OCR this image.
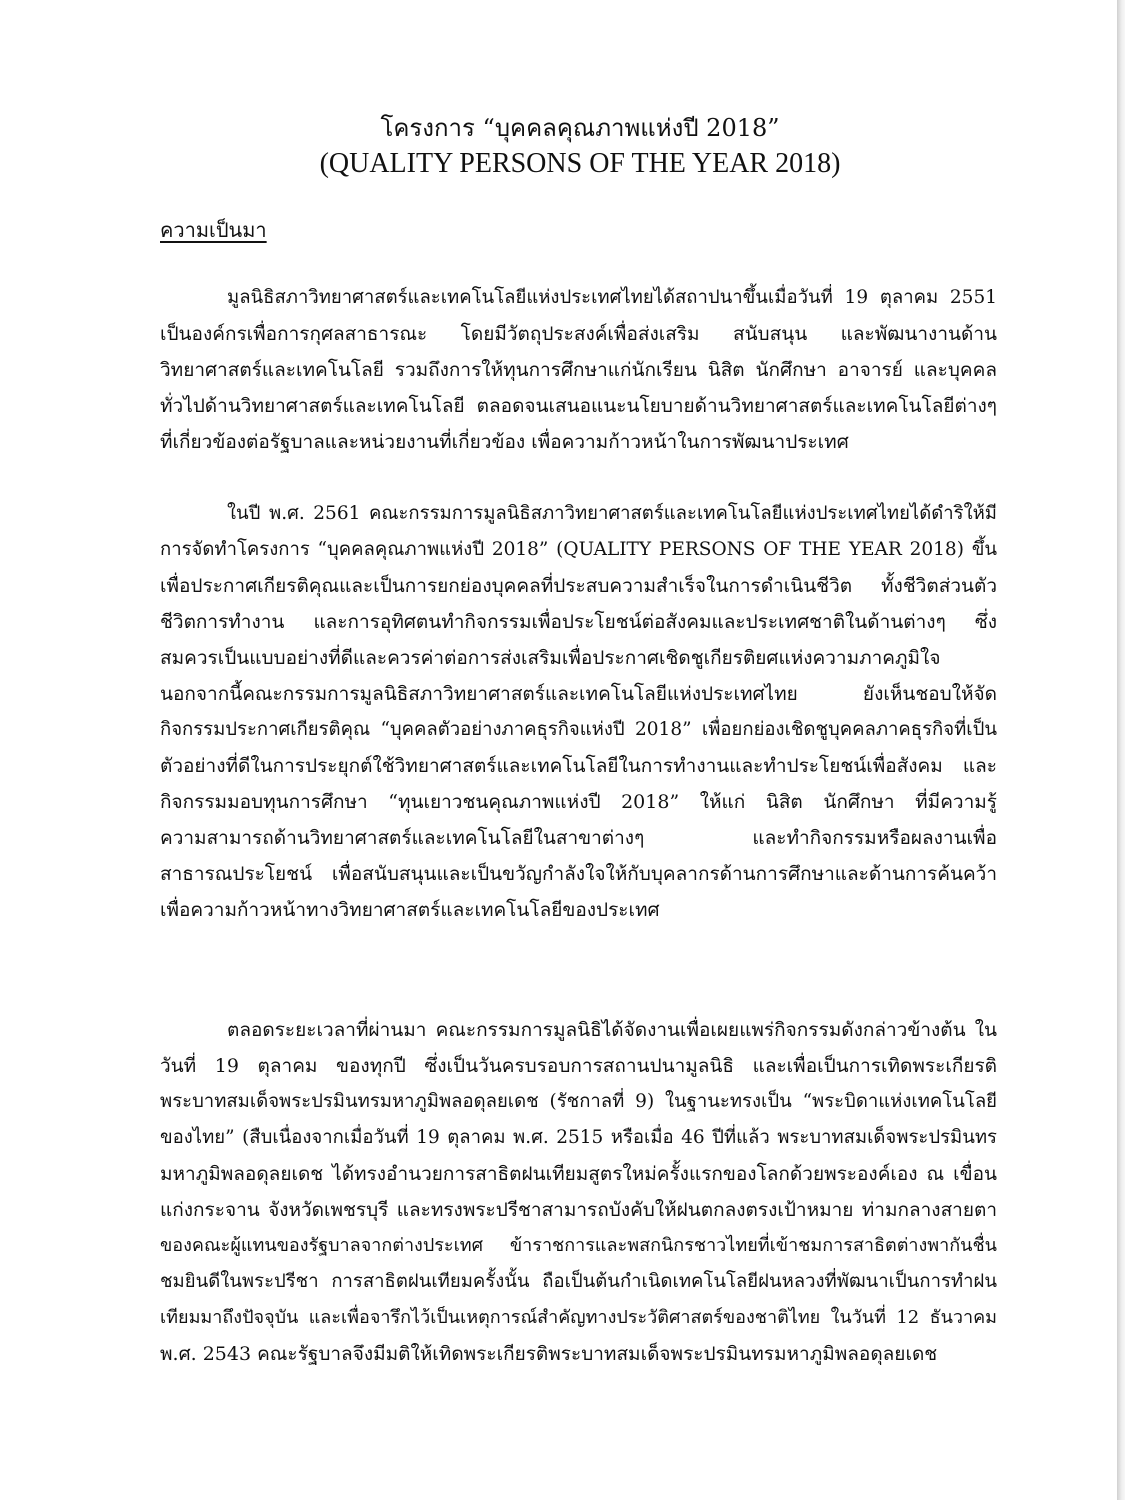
โครงการ “บุคคลคุณภาพแห่งปี 2018”
(QUALITY PERSONS OF THE YEAR 2018)
ความเป็นมา
มูลนิธิสภาวิทยาศาสตร์และเทคโนโลยีแห่งประเทศไทยได้สถาปนาขึ้นเมื่อวันที่ 19 ตุลาคม 2551
เป็นองค์กรเพื่อการกุศลสาธารณะ โดยมีวัตถุประสงค์เพื่อส่งเสริม สนับสนุน และพัฒนางานด้าน
วิทยาศาสตร์และเทคโนโลยี รวมถึงการให้ทุนการศึกษาแก่นักเรียน นิสิต นักศึกษา อาจารย์ และบุคคล
ทั่วไปด้านวิทยาศาสตร์และเทคโนโลยี ตลอดจนเสนอแนะนโยบายด้านวิทยาศาสตร์และเทคโนโลยีต่างๆ
ที่เกี่ยวข้องต่อรัฐบาลและหน่วยงานที่เกี่ยวข้อง เพื่อความก้าวหน้าในการพัฒนาประเทศ
ในปี พ.ศ. 2561 คณะกรรมการมูลนิธิสภาวิทยาศาสตร์และเทคโนโลยีแห่งประเทศไทยได้ดำริให้มี
การจัดทำโครงการ “บุคคลคุณภาพแห่งปี 2018” (QUALITY PERSONS OF THE YEAR 2018) ขึ้น
เพื่อประกาศเกียรติคุณและเป็นการยกย่องบุคคลที่ประสบความสำเร็จในการดำเนินชีวิต ทั้งชีวิตส่วนตัว
ชีวิตการทำงาน และการอุทิศตนทำกิจกรรมเพื่อประโยชน์ต่อสังคมและประเทศชาติในด้านต่างๆ ซึ่ง
สมควรเป็นแบบอย่างที่ดีและควรค่าต่อการส่งเสริมเพื่อประกาศเชิดชูเกียรติยศแห่งความภาคภูมิใจ
นอกจากนี้คณะกรรมการมูลนิธิสภาวิทยาศาสตร์และเทคโนโลยีแห่งประเทศไทย ยังเห็นชอบให้จัด
กิจกรรมประกาศเกียรติคุณ “บุคคลตัวอย่างภาคธุรกิจแห่งปี 2018” เพื่อยกย่องเชิดชูบุคคลภาคธุรกิจที่เป็น
ตัวอย่างที่ดีในการประยุกต์ใช้วิทยาศาสตร์และเทคโนโลยีในการทำงานและทำประโยชน์เพื่อสังคม และ
กิจกรรมมอบทุนการศึกษา “ทุนเยาวชนคุณภาพแห่งปี 2018” ให้แก่ นิสิต นักศึกษา ที่มีความรู้
ความสามารถด้านวิทยาศาสตร์และเทคโนโลยีในสาขาต่างๆ และทำกิจกรรมหรือผลงานเพื่อ
สาธารณประโยชน์ เพื่อสนับสนุนและเป็นขวัญกำลังใจให้กับบุคลากรด้านการศึกษาและด้านการค้นคว้า
เพื่อความก้าวหน้าทางวิทยาศาสตร์และเทคโนโลยีของประเทศ
ตลอดระยะเวลาที่ผ่านมา คณะกรรมการมูลนิธิได้จัดงานเพื่อเผยแพร่กิจกรรมดังกล่าวข้างต้น ใน
วันที่ 19 ตุลาคม ของทุกปี ซึ่งเป็นวันครบรอบการสถานปนามูลนิธิ และเพื่อเป็นการเทิดพระเกียรติ
พระบาทสมเด็จพระปรมินทรมหาภูมิพลอดุลยเดช (รัชกาลที่ 9) ในฐานะทรงเป็น “พระบิดาแห่งเทคโนโลยี
ของไทย” (สืบเนื่องจากเมื่อวันที่ 19 ตุลาคม พ.ศ. 2515 หรือเมื่อ 46 ปีที่แล้ว พระบาทสมเด็จพระปรมินทร
มหาภูมิพลอดุลยเดช ได้ทรงอำนวยการสาธิตฝนเทียมสูตรใหม่ครั้งแรกของโลกด้วยพระองค์เอง ณ เขื่อน
แก่งกระจาน จังหวัดเพชรบุรี และทรงพระปรีชาสามารถบังคับให้ฝนตกลงตรงเป้าหมาย ท่ามกลางสายตา
ของคณะผู้แทนของรัฐบาลจากต่างประเทศ ข้าราชการและพสกนิกรชาวไทยที่เข้าชมการสาธิตต่างพากันชื่น
ชมยินดีในพระปรีชา การสาธิตฝนเทียมครั้งนั้น ถือเป็นต้นกำเนิดเทคโนโลยีฝนหลวงที่พัฒนาเป็นการทำฝน
เทียมมาถึงปัจจุบัน และเพื่อจารึกไว้เป็นเหตุการณ์สำคัญทางประวัติศาสตร์ของชาติไทย ในวันที่ 12 ธันวาคม
พ.ศ. 2543 คณะรัฐบาลจึงมีมติให้เทิดพระเกียรติพระบาทสมเด็จพระปรมินทรมหาภูมิพลอดุลยเดช
